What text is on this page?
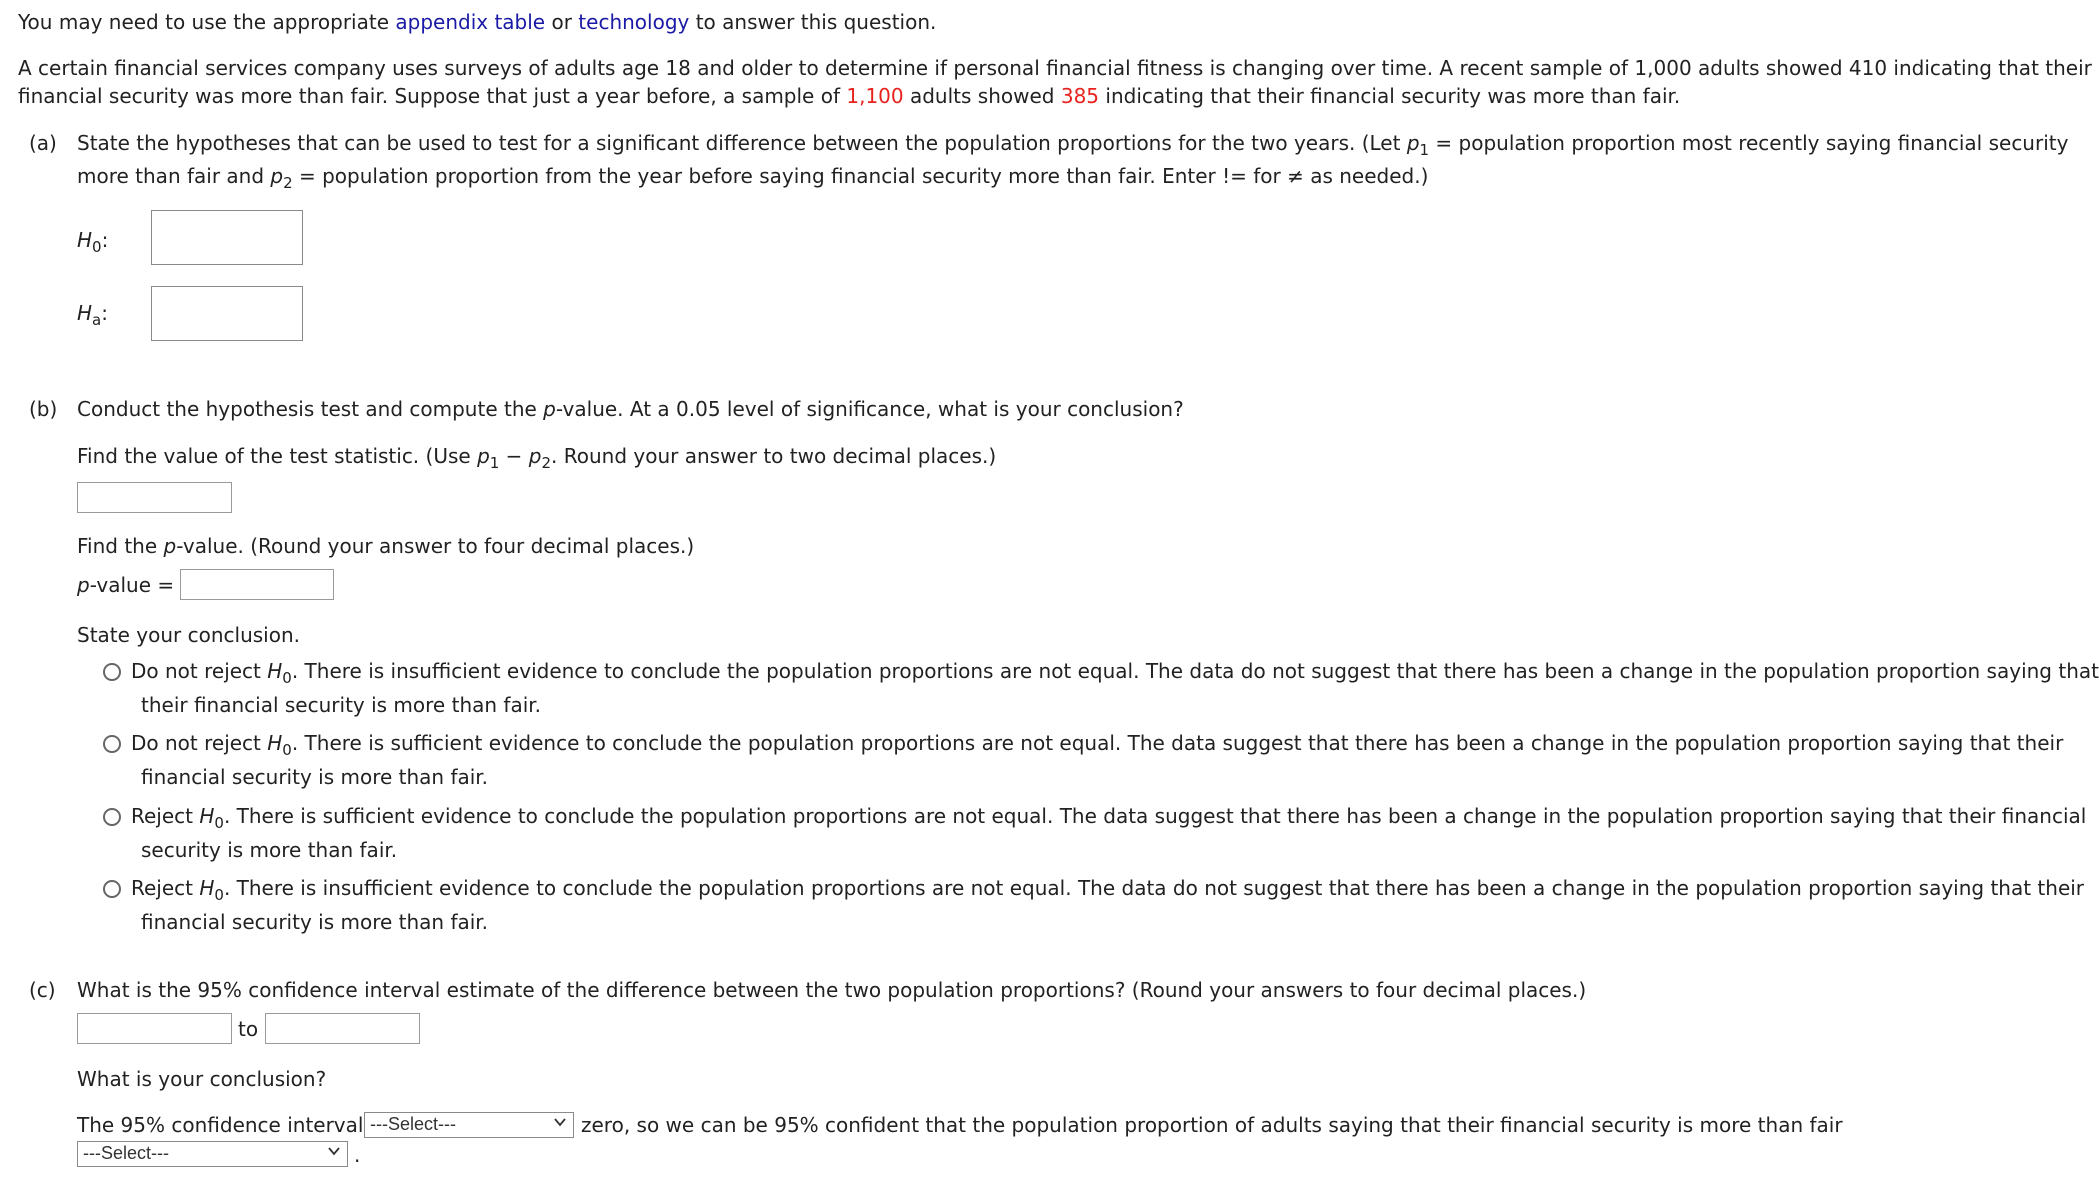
You may need to use the appropriate appendix table or technology to answer this question.
A certain financial services company uses surveys of adults age 18 and older to determine if personal financial fitness is changing over time. A recent sample of 1,000 adults showed 410 indicating that their
financial security was more than fair. Suppose that just a year before, a sample of 1,100 adults showed 385 indicating that their financial security was more than fair.
(a) State the hypotheses that can be used to test for a significant difference between the population proportions for the two years. (Let $p_1$ = population proportion most recently saying financial security
more than fair and $p_2$ = population proportion from the year before saying financial security more than fair. Enter != for ≠ as needed.)
$H_0$:
$H_a$:
(b) Conduct the hypothesis test and compute the p-value. At a 0.05 level of significance, what is your conclusion?
Find the value of the test statistic. (Use $p_1 - p_2$. Round your answer to two decimal places.)
Find the p-value. (Round your answer to four decimal places.)
p-value =
State your conclusion.
Do not reject $H_0$. There is insufficient evidence to conclude the population proportions are not equal. The data do not suggest that there has been a change in the population proportion saying that
their financial security is more than fair.
Do not reject $H_0$. There is sufficient evidence to conclude the population proportions are not equal. The data suggest that there has been a change in the population proportion saying that their
financial security is more than fair.
Reject $H_0$. There is sufficient evidence to conclude the population proportions are not equal. The data suggest that there has been a change in the population proportion saying that their financial
security is more than fair.
Reject $H_0$. There is insufficient evidence to conclude the population proportions are not equal. The data do not suggest that there has been a change in the population proportion saying that their
financial security is more than fair.
(c) What is the 95% confidence interval estimate of the difference between the two population proportions? (Round your answers to four decimal places.)
to
What is your conclusion?
The 95% confidence interval ---Select---	zero, so we can be 95% confident that the population proportion of adults saying that their financial security is more than fair
---Select---	.
